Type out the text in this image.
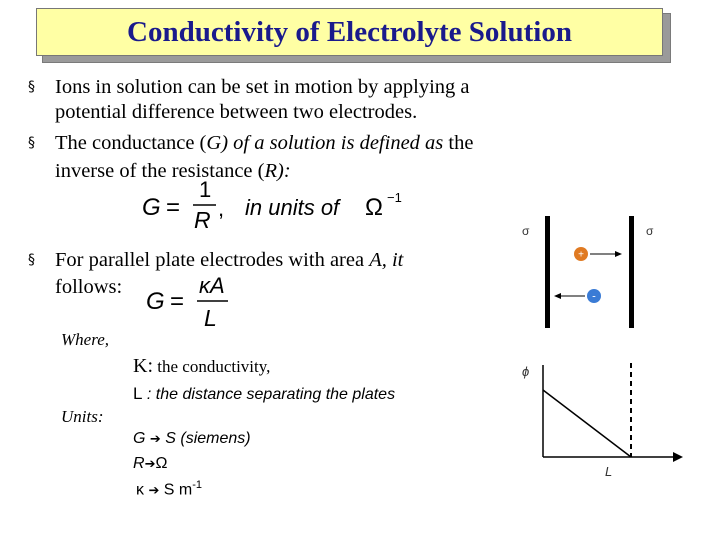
Conductivity of Electrolyte Solution
§ Ions in solution can be set in motion by applying a
potential difference between two electrodes.
§ The conductance (G) of a solution is defined as the
inverse of the resistance (R):
G =
1
R , in units of Ω −1
§ For parallel plate electrodes with area A, it
follows:
G =
κA
L
Where,
Κ: the conductivity,
L : the distance separating the plates
Units:
G ➔ S (siemens)
R➔Ω
κ ➔ S $m^{-1}$
σ	σ
+
-
ϕ
L
